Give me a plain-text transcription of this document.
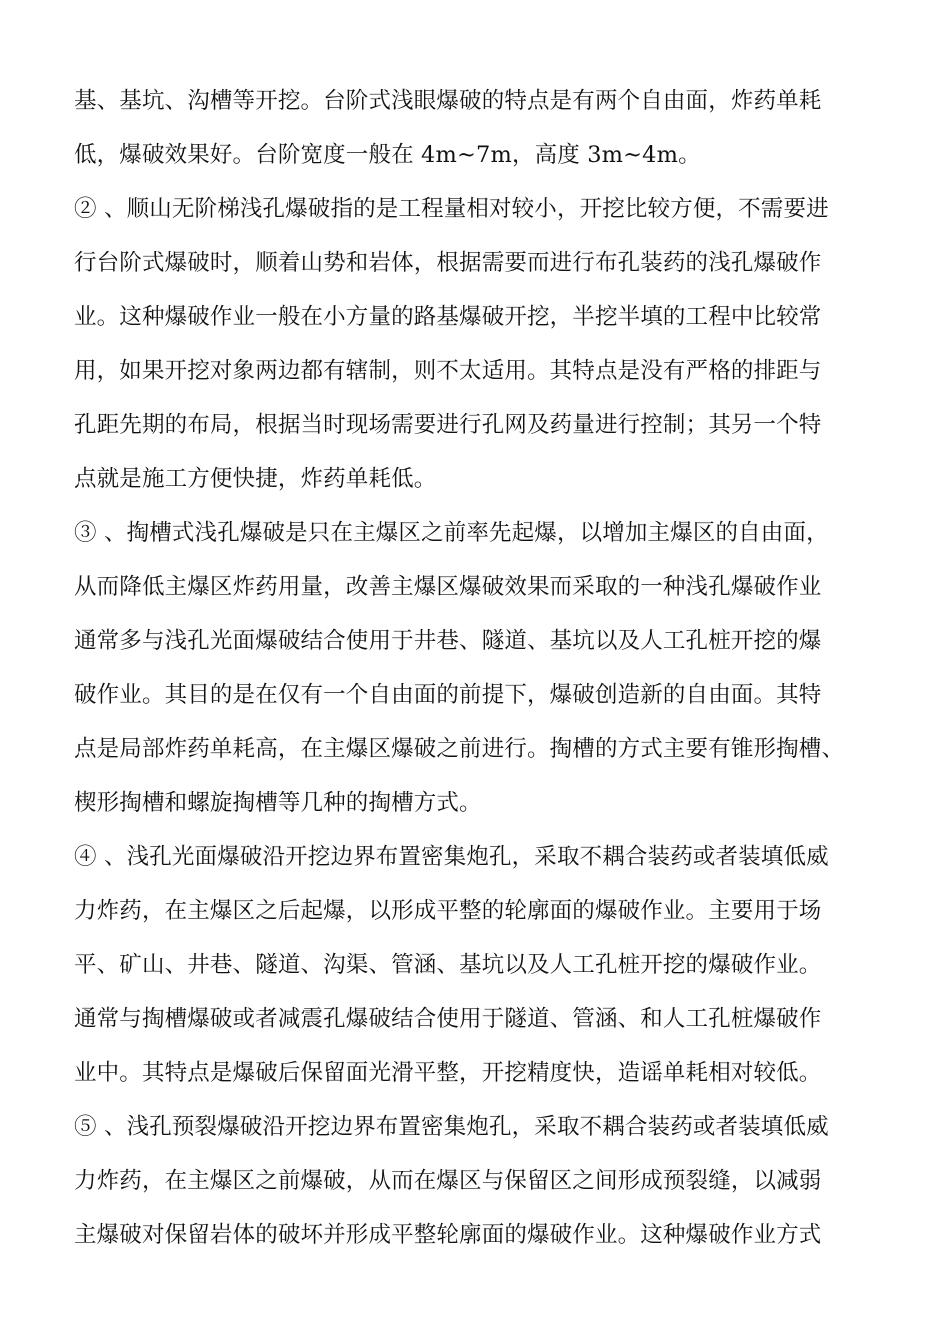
基、基坑、沟槽等开挖。台阶式浅眼爆破的特点是有两个自由面，炸药单耗

低，爆破效果好。台阶宽度一般在 4m~7m，高度 3m~4m。

② 、顺山无阶梯浅孔爆破指的是工程量相对较小，开挖比较方便，不需要进

行台阶式爆破时，顺着山势和岩体，根据需要而进行布孔装药的浅孔爆破作

业。这种爆破作业一般在小方量的路基爆破开挖，半挖半填的工程中比较常

用，如果开挖对象两边都有辖制，则不太适用。其特点是没有严格的排距与

孔距先期的布局，根据当时现场需要进行孔网及药量进行控制；其另一个特

点就是施工方便快捷，炸药单耗低。

③ 、掏槽式浅孔爆破是只在主爆区之前率先起爆，以增加主爆区的自由面，

从而降低主爆区炸药用量，改善主爆区爆破效果而采取的一种浅孔爆破作业

通常多与浅孔光面爆破结合使用于井巷、隧道、基坑以及人工孔桩开挖的爆

破作业。其目的是在仅有一个自由面的前提下，爆破创造新的自由面。其特

点是局部炸药单耗高，在主爆区爆破之前进行。掏槽的方式主要有锥形掏槽、

楔形掏槽和螺旋掏槽等几种的掏槽方式。

④ 、浅孔光面爆破沿开挖边界布置密集炮孔，采取不耦合装药或者装填低威

力炸药，在主爆区之后起爆，以形成平整的轮廓面的爆破作业。主要用于场

平、矿山、井巷、隧道、沟渠、管涵、基坑以及人工孔桩开挖的爆破作业。

通常与掏槽爆破或者减震孔爆破结合使用于隧道、管涵、和人工孔桩爆破作

业中。其特点是爆破后保留面光滑平整，开挖精度快，造谣单耗相对较低。

⑤ 、浅孔预裂爆破沿开挖边界布置密集炮孔，采取不耦合装药或者装填低威

力炸药，在主爆区之前爆破，从而在爆区与保留区之间形成预裂缝，以减弱

主爆破对保留岩体的破坏并形成平整轮廓面的爆破作业。这种爆破作业方式
